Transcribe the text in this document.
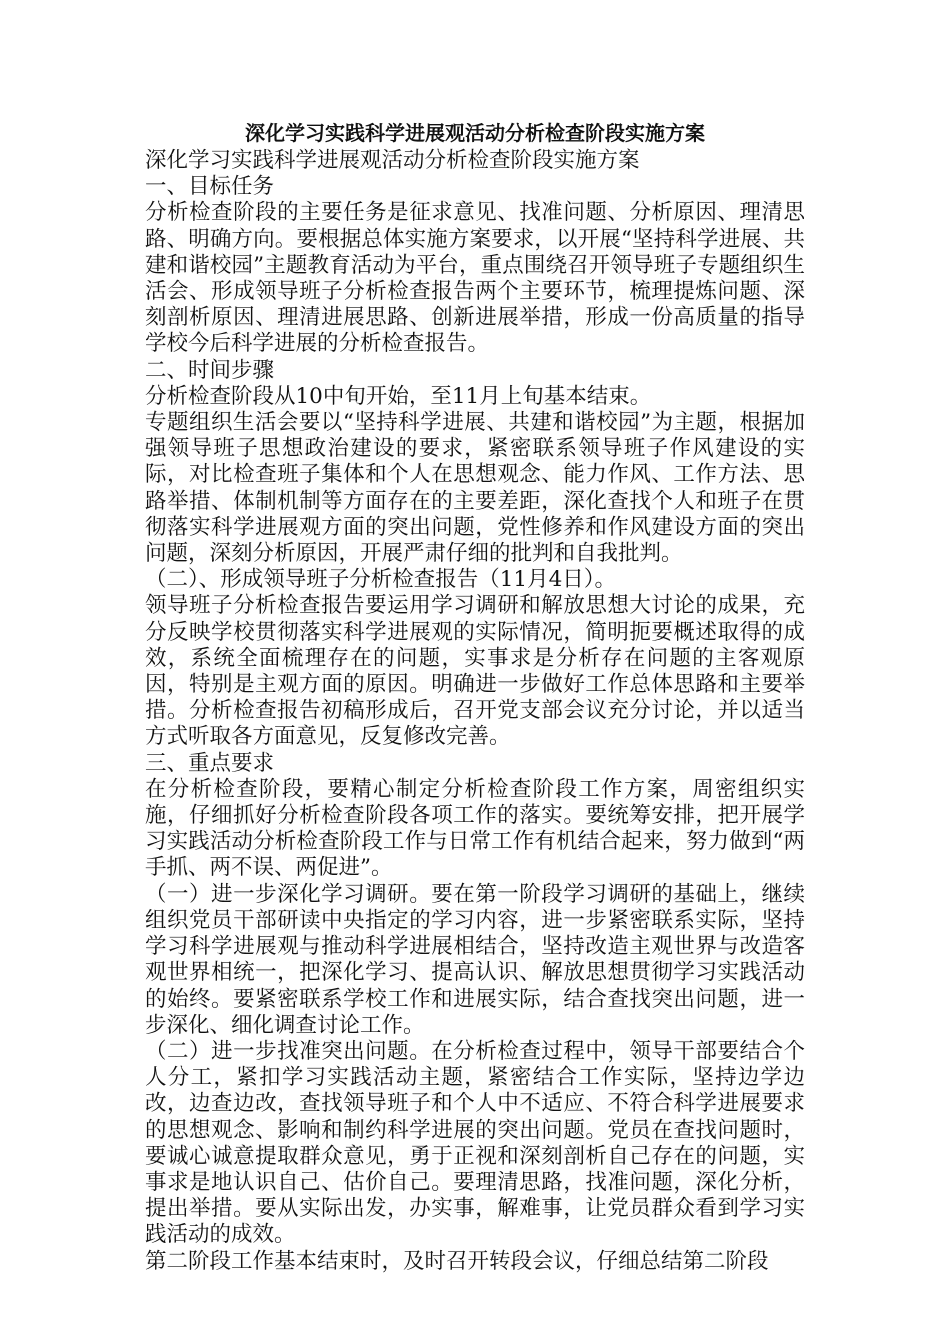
深化学习实践科学进展观活动分析检查阶段实施方案

深化学习实践科学进展观活动分析检查阶段实施方案

一、目标任务

分析检查阶段的主要任务是征求意见、找准问题、分析原因、理清思路、明确方向。要根据总体实施方案要求，以开展“坚持科学进展、共建和谐校园”主题教育活动为平台，重点围绕召开领导班子专题组织生活会、形成领导班子分析检查报告两个主要环节，梳理提炼问题、深刻剖析原因、理清进展思路、创新进展举措，形成一份高质量的指导学校今后科学进展的分析检查报告。

二、时间步骤

分析检查阶段从10中旬开始，至11月上旬基本结束。

专题组织生活会要以“坚持科学进展、共建和谐校园”为主题，根据加强领导班子思想政治建设的要求，紧密联系领导班子作风建设的实际，对比检查班子集体和个人在思想观念、能力作风、工作方法、思路举措、体制机制等方面存在的主要差距，深化查找个人和班子在贯彻落实科学进展观方面的突出问题，党性修养和作风建设方面的突出问题，深刻分析原因，开展严肃仔细的批判和自我批判。

（二）、形成领导班子分析检查报告（11月4日）。

领导班子分析检查报告要运用学习调研和解放思想大讨论的成果，充分反映学校贯彻落实科学进展观的实际情况，简明扼要概述取得的成效，系统全面梳理存在的问题，实事求是分析存在问题的主客观原因，特别是主观方面的原因。明确进一步做好工作总体思路和主要举措。分析检查报告初稿形成后，召开党支部会议充分讨论，并以适当方式听取各方面意见，反复修改完善。

三、重点要求

在分析检查阶段，要精心制定分析检查阶段工作方案，周密组织实施，仔细抓好分析检查阶段各项工作的落实。要统筹安排，把开展学习实践活动分析检查阶段工作与日常工作有机结合起来，努力做到“两手抓、两不误、两促进”。

（一）进一步深化学习调研。要在第一阶段学习调研的基础上，继续组织党员干部研读中央指定的学习内容，进一步紧密联系实际，坚持学习科学进展观与推动科学进展相结合，坚持改造主观世界与改造客观世界相统一，把深化学习、提高认识、解放思想贯彻学习实践活动的始终。要紧密联系学校工作和进展实际，结合查找突出问题，进一步深化、细化调查讨论工作。

（二）进一步找准突出问题。在分析检查过程中，领导干部要结合个人分工，紧扣学习实践活动主题，紧密结合工作实际，坚持边学边改，边查边改，查找领导班子和个人中不适应、不符合科学进展要求的思想观念、影响和制约科学进展的突出问题。党员在查找问题时，要诚心诚意提取群众意见，勇于正视和深刻剖析自己存在的问题，实事求是地认识自己、估价自己。要理清思路，找准问题，深化分析，提出举措。要从实际出发，办实事，解难事，让党员群众看到学习实践活动的成效。

第二阶段工作基本结束时，及时召开转段会议，仔细总结第二阶段
